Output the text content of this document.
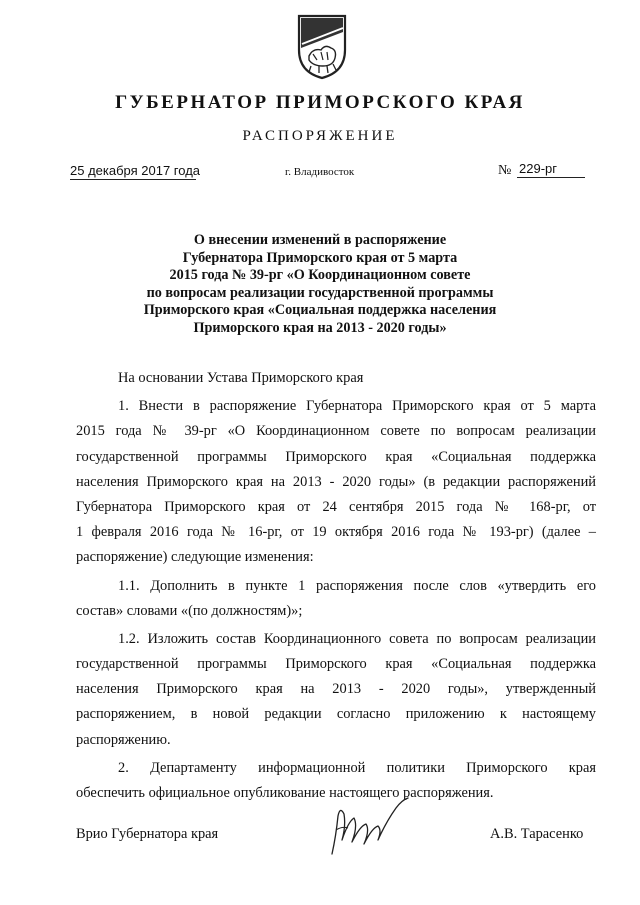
ГУБЕРНАТОР ПРИМОРСКОГО КРАЯ
РАСПОРЯЖЕНИЕ
25 декабря 2017 года	г. Владивосток	№ 229-рг
О внесении изменений в распоряжение
Губернатора Приморского края от 5 марта
2015 года № 39-рг «О Координационном совете
по вопросам реализации государственной программы
Приморского края «Социальная поддержка населения
Приморского края на 2013 - 2020 годы»
На основании Устава Приморского края
1. Внести в распоряжение Губернатора Приморского края от 5 марта
2015 года № 39-рг «О Координационном совете по вопросам реализации
государственной программы Приморского края «Социальная поддержка
населения Приморского края на 2013 - 2020 годы» (в редакции распоряжений
Губернатора Приморского края от 24 сентября 2015 года № 168-рг, от
1 февраля 2016 года № 16-рг, от 19 октября 2016 года № 193-рг) (далее –
распоряжение) следующие изменения:
1.1. Дополнить в пункте 1 распоряжения после слов «утвердить его
состав» словами «(по должностям)»;
1.2. Изложить состав Координационного совета по вопросам реализации
государственной программы Приморского края «Социальная поддержка
населения Приморского края на 2013 - 2020 годы», утвержденный
распоряжением, в новой редакции согласно приложению к настоящему
распоряжению.
2. Департаменту информационной политики Приморского края
обеспечить официальное опубликование настоящего распоряжения.
Врио Губернатора края	А.В. Тарасенко
